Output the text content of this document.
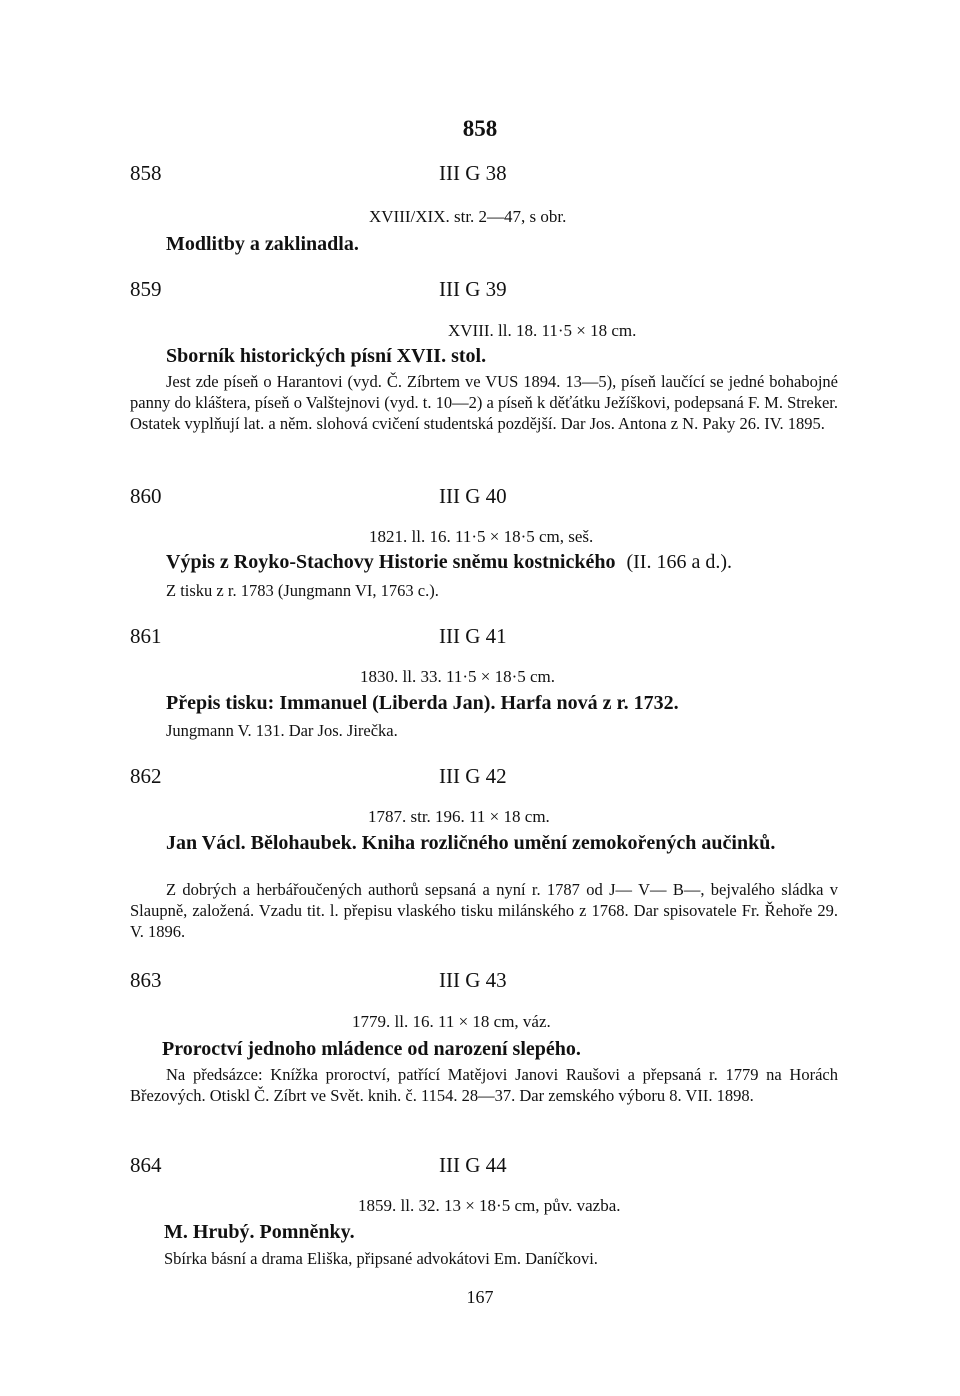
858
858	III G 38
XVIII/XIX. str. 2—47, s obr.
Modlitby a zaklinadla.
859	III G 39
XVIII. ll. 18. 11·5 × 18 cm.
Sborník historických písní XVII. stol.
Jest zde píseň o Harantovi (vyd. Č. Zíbrtem ve VUS 1894. 13—5), píseň laučící se jedné bohabojné panny do kláštera, píseň o Valštejnovi (vyd. t. 10—2) a píseň k děťátku Ježíškovi, podepsaná F. M. Streker. Ostatek vyplňují lat. a něm. slohová cvičení studentská pozdější. Dar Jos. Antona z N. Paky 26. IV. 1895.
860	III G 40
1821. ll. 16. 11·5 × 18·5 cm, seš.
Výpis z Royko-Stachovy Historie sněmu kostnického (II. 166 a d.).
Z tisku z r. 1783 (Jungmann VI, 1763 c.).
861	III G 41
1830. ll. 33. 11·5 × 18·5 cm.
Přepis tisku: Immanuel (Liberda Jan). Harfa nová z r. 1732.
Jungmann V. 131. Dar Jos. Jirečka.
862	III G 42
1787. str. 196. 11 × 18 cm.
Jan Václ. Bělohaubek. Kniha rozličného umění zemokořených aučinků.
Z dobrých a herbářoučených authorů sepsaná a nyní r. 1787 od J— V— B—, bejvalého sládka v Slaupně, založená. Vzadu tit. l. přepisu vlaského tisku milánského z 1768. Dar spisovatele Fr. Řehoře 29. V. 1896.
863	III G 43
1779. ll. 16. 11 × 18 cm, váz.
Proroctví jednoho mládence od narození slepého.
Na předsázce: Knížka proroctví, patřící Matějovi Janovi Raušovi a přepsaná r. 1779 na Horách Březových. Otiskl Č. Zíbrt ve Svět. knih. č. 1154. 28—37. Dar zemského výboru 8. VII. 1898.
864	III G 44
1859. ll. 32. 13 × 18·5 cm, pův. vazba.
M. Hrubý. Pomněnky.
Sbírka básní a drama Eliška, připsané advokátovi Em. Daníčkovi.
167
